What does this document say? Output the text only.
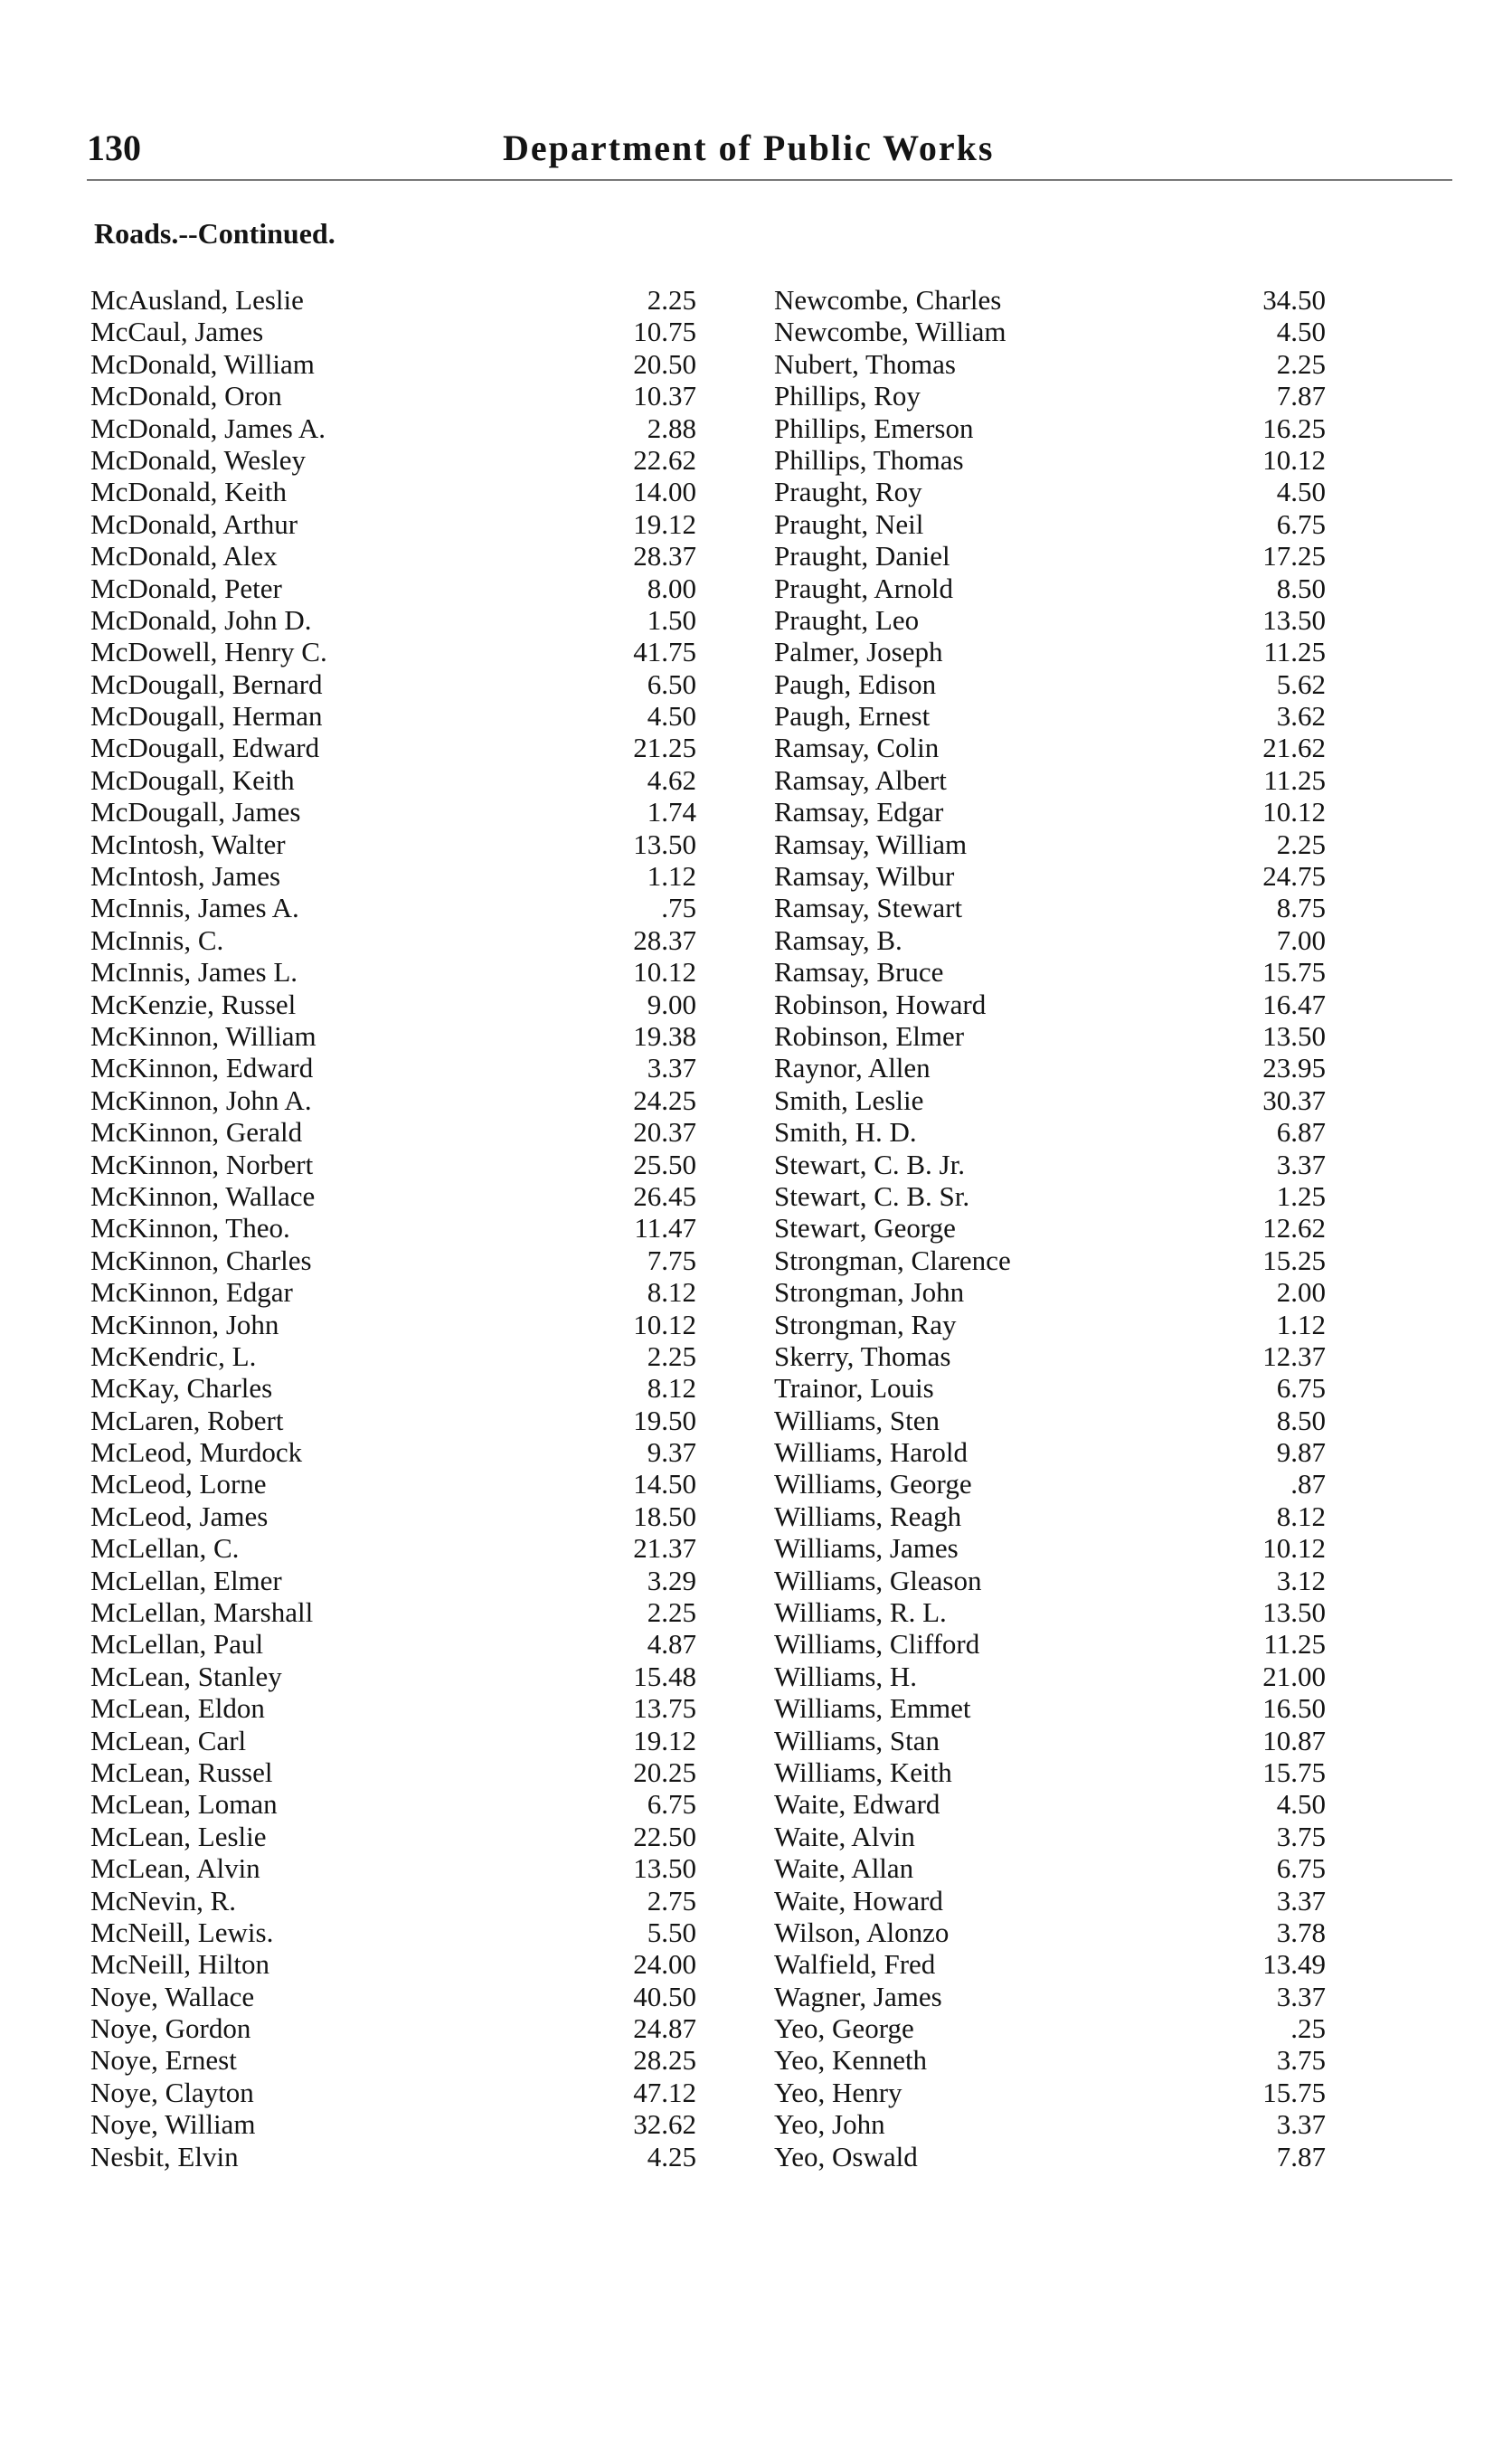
130	Department of Public Works
Roads.--Continued.
McAusland, Leslie	2.25
McCaul, James	10.75
McDonald, William	20.50
McDonald, Oron	10.37
McDonald, James A.	2.88
McDonald, Wesley	22.62
McDonald, Keith	14.00
McDonald, Arthur	19.12
McDonald, Alex	28.37
McDonald, Peter	8.00
McDonald, John D.	1.50
McDowell, Henry C.	41.75
McDougall, Bernard	6.50
McDougall, Herman	4.50
McDougall, Edward	21.25
McDougall, Keith	4.62
McDougall, James	1.74
McIntosh, Walter	13.50
McIntosh, James	1.12
McInnis, James A.	.75
McInnis, C.	28.37
McInnis, James L.	10.12
McKenzie, Russel	9.00
McKinnon, William	19.38
McKinnon, Edward	3.37
McKinnon, John A.	24.25
McKinnon, Gerald	20.37
McKinnon, Norbert	25.50
McKinnon, Wallace	26.45
McKinnon, Theo.	11.47
McKinnon, Charles	7.75
McKinnon, Edgar	8.12
McKinnon, John	10.12
McKendric, L.	2.25
McKay, Charles	8.12
McLaren, Robert	19.50
McLeod, Murdock	9.37
McLeod, Lorne	14.50
McLeod, James	18.50
McLellan, C.	21.37
McLellan, Elmer	3.29
McLellan, Marshall	2.25
McLellan, Paul	4.87
McLean, Stanley	15.48
McLean, Eldon	13.75
McLean, Carl	19.12
McLean, Russel	20.25
McLean, Loman	6.75
McLean, Leslie	22.50
McLean, Alvin	13.50
McNevin, R.	2.75
McNeill, Lewis.	5.50
McNeill, Hilton	24.00
Noye, Wallace	40.50
Noye, Gordon	24.87
Noye, Ernest	28.25
Noye, Clayton	47.12
Noye, William	32.62
Nesbit, Elvin	4.25
Newcombe, Charles	34.50
Newcombe, William	4.50
Nubert, Thomas	2.25
Phillips, Roy	7.87
Phillips, Emerson	16.25
Phillips, Thomas	10.12
Praught, Roy	4.50
Praught, Neil	6.75
Praught, Daniel	17.25
Praught, Arnold	8.50
Praught, Leo	13.50
Palmer, Joseph	11.25
Paugh, Edison	5.62
Paugh, Ernest	3.62
Ramsay, Colin	21.62
Ramsay, Albert	11.25
Ramsay, Edgar	10.12
Ramsay, William	2.25
Ramsay, Wilbur	24.75
Ramsay, Stewart	8.75
Ramsay, B.	7.00
Ramsay, Bruce	15.75
Robinson, Howard	16.47
Robinson, Elmer	13.50
Raynor, Allen	23.95
Smith, Leslie	30.37
Smith, H. D.	6.87
Stewart, C. B. Jr.	3.37
Stewart, C. B. Sr.	1.25
Stewart, George	12.62
Strongman, Clarence	15.25
Strongman, John	2.00
Strongman, Ray	1.12
Skerry, Thomas	12.37
Trainor, Louis	6.75
Williams, Sten	8.50
Williams, Harold	9.87
Williams, George	.87
Williams, Reagh	8.12
Williams, James	10.12
Williams, Gleason	3.12
Williams, R. L.	13.50
Williams, Clifford	11.25
Williams, H.	21.00
Williams, Emmet	16.50
Williams, Stan	10.87
Williams, Keith	15.75
Waite, Edward	4.50
Waite, Alvin	3.75
Waite, Allan	6.75
Waite, Howard	3.37
Wilson, Alonzo	3.78
Walfield, Fred	13.49
Wagner, James	3.37
Yeo, George	.25
Yeo, Kenneth	3.75
Yeo, Henry	15.75
Yeo, John	3.37
Yeo, Oswald	7.87
